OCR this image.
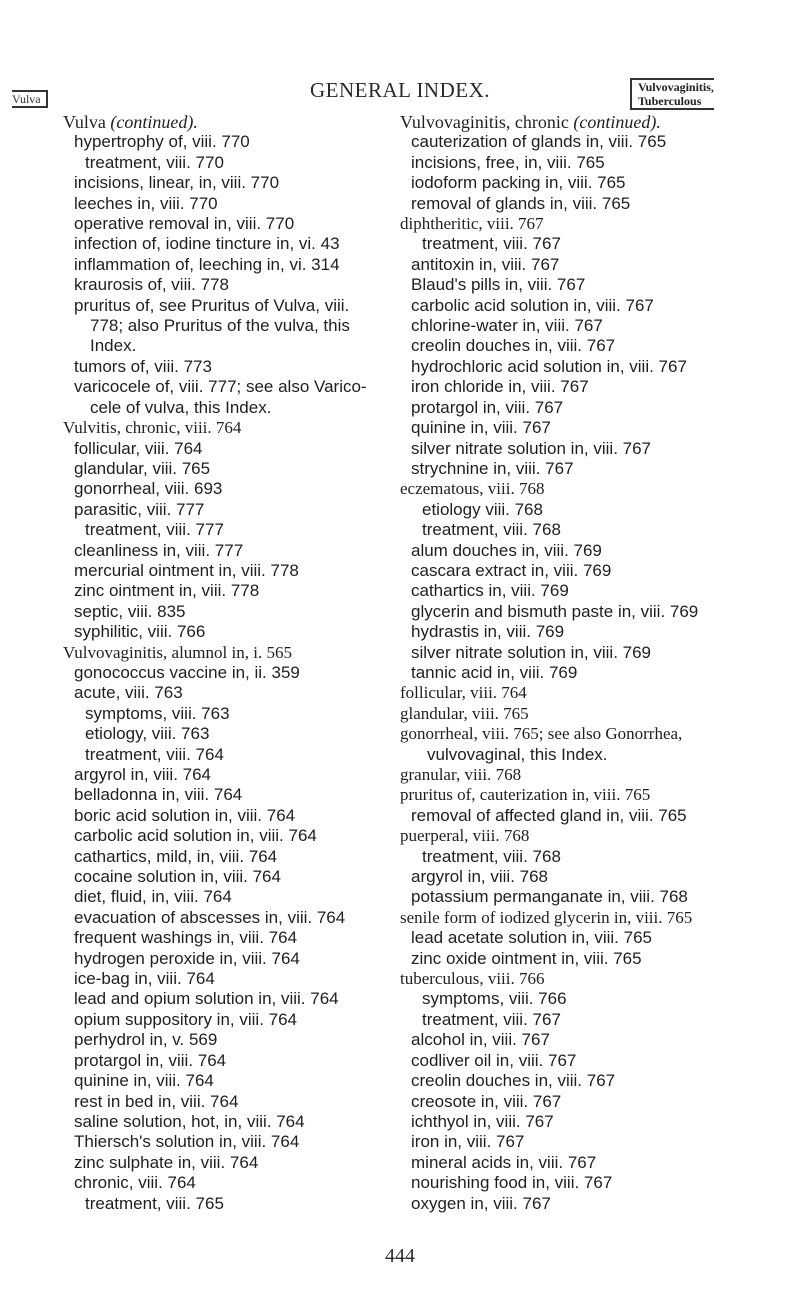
Vulva	GENERAL INDEX.	Vulvovaginitis,
Tuberculous
Vulva (continued).
hypertrophy of, viii. 770
treatment, viii. 770
incisions, linear, in, viii. 770
leeches in, viii. 770
operative removal in, viii. 770
infection of, iodine tincture in, vi. 43
inflammation of, leeching in, vi. 314
kraurosis of, viii. 778
pruritus of, see Pruritus of Vulva, viii.
778; also Pruritus of the vulva, this
Index.
tumors of, viii. 773
varicocele of, viii. 777; see also Varico-
cele of vulva, this Index.
Vulvitis, chronic, viii. 764
follicular, viii. 764
glandular, viii. 765
gonorrheal, viii. 693
parasitic, viii. 777
treatment, viii. 777
cleanliness in, viii. 777
mercurial ointment in, viii. 778
zinc ointment in, viii. 778
septic, viii. 835
syphilitic, viii. 766
Vulvovaginitis, alumnol in, i. 565
gonococcus vaccine in, ii. 359
acute, viii. 763
symptoms, viii. 763
etiology, viii. 763
treatment, viii. 764
argyrol in, viii. 764
belladonna in, viii. 764
boric acid solution in, viii. 764
carbolic acid solution in, viii. 764
cathartics, mild, in, viii. 764
cocaine solution in, viii. 764
diet, fluid, in, viii. 764
evacuation of abscesses in, viii. 764
frequent washings in, viii. 764
hydrogen peroxide in, viii. 764
ice-bag in, viii. 764
lead and opium solution in, viii. 764
opium suppository in, viii. 764
perhydrol in, v. 569
protargol in, viii. 764
quinine in, viii. 764
rest in bed in, viii. 764
saline solution, hot, in, viii. 764
Thiersch's solution in, viii. 764
zinc sulphate in, viii. 764
chronic, viii. 764
treatment, viii. 765
Vulvovaginitis, chronic (continued).
cauterization of glands in, viii. 765
incisions, free, in, viii. 765
iodoform packing in, viii. 765
removal of glands in, viii. 765
diphtheritic, viii. 767
treatment, viii. 767
antitoxin in, viii. 767
Blaud's pills in, viii. 767
carbolic acid solution in, viii. 767
chlorine-water in, viii. 767
creolin douches in, viii. 767
hydrochloric acid solution in, viii. 767
iron chloride in, viii. 767
protargol in, viii. 767
quinine in, viii. 767
silver nitrate solution in, viii. 767
strychnine in, viii. 767
eczematous, viii. 768
etiology viii. 768
treatment, viii. 768
alum douches in, viii. 769
cascara extract in, viii. 769
cathartics in, viii. 769
glycerin and bismuth paste in, viii. 769
hydrastis in, viii. 769
silver nitrate solution in, viii. 769
tannic acid in, viii. 769
follicular, viii. 764
glandular, viii. 765
gonorrheal, viii. 765; see also Gonorrhea,
vulvovaginal, this Index.
granular, viii. 768
pruritus of, cauterization in, viii. 765
removal of affected gland in, viii. 765
puerperal, viii. 768
treatment, viii. 768
argyrol in, viii. 768
potassium permanganate in, viii. 768
senile form of iodized glycerin in, viii. 765
lead acetate solution in, viii. 765
zinc oxide ointment in, viii. 765
tuberculous, viii. 766
symptoms, viii. 766
treatment, viii. 767
alcohol in, viii. 767
codliver oil in, viii. 767
creolin douches in, viii. 767
creosote in, viii. 767
ichthyol in, viii. 767
iron in, viii. 767
mineral acids in, viii. 767
nourishing food in, viii. 767
oxygen in, viii. 767
444
